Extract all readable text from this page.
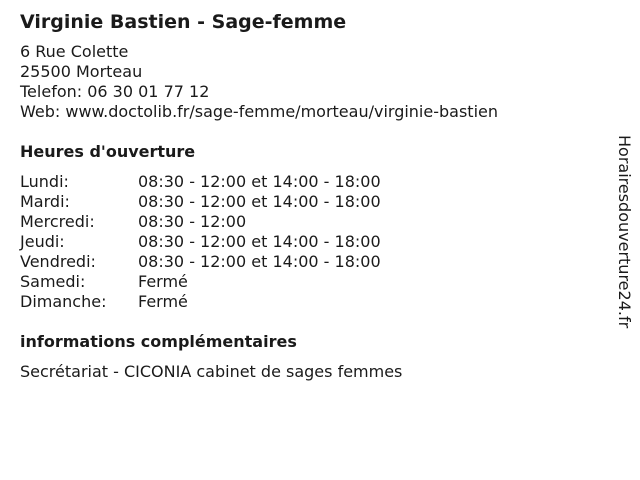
Virginie Bastien - Sage-femme
6 Rue Colette
25500 Morteau
Telefon: 06 30 01 77 12
Web: www.doctolib.fr/sage-femme/morteau/virginie-bastien
Heures d'ouverture
Lundi:	08:30 - 12:00 et 14:00 - 18:00
Mardi:	08:30 - 12:00 et 14:00 - 18:00
Mercredi:	08:30 - 12:00
Jeudi:	08:30 - 12:00 et 14:00 - 18:00
Vendredi:	08:30 - 12:00 et 14:00 - 18:00
Samedi:	Fermé
Dimanche:	Fermé
informations complémentaires
Secrétariat - CICONIA cabinet de sages femmes
Horairesdouverture24.fr
